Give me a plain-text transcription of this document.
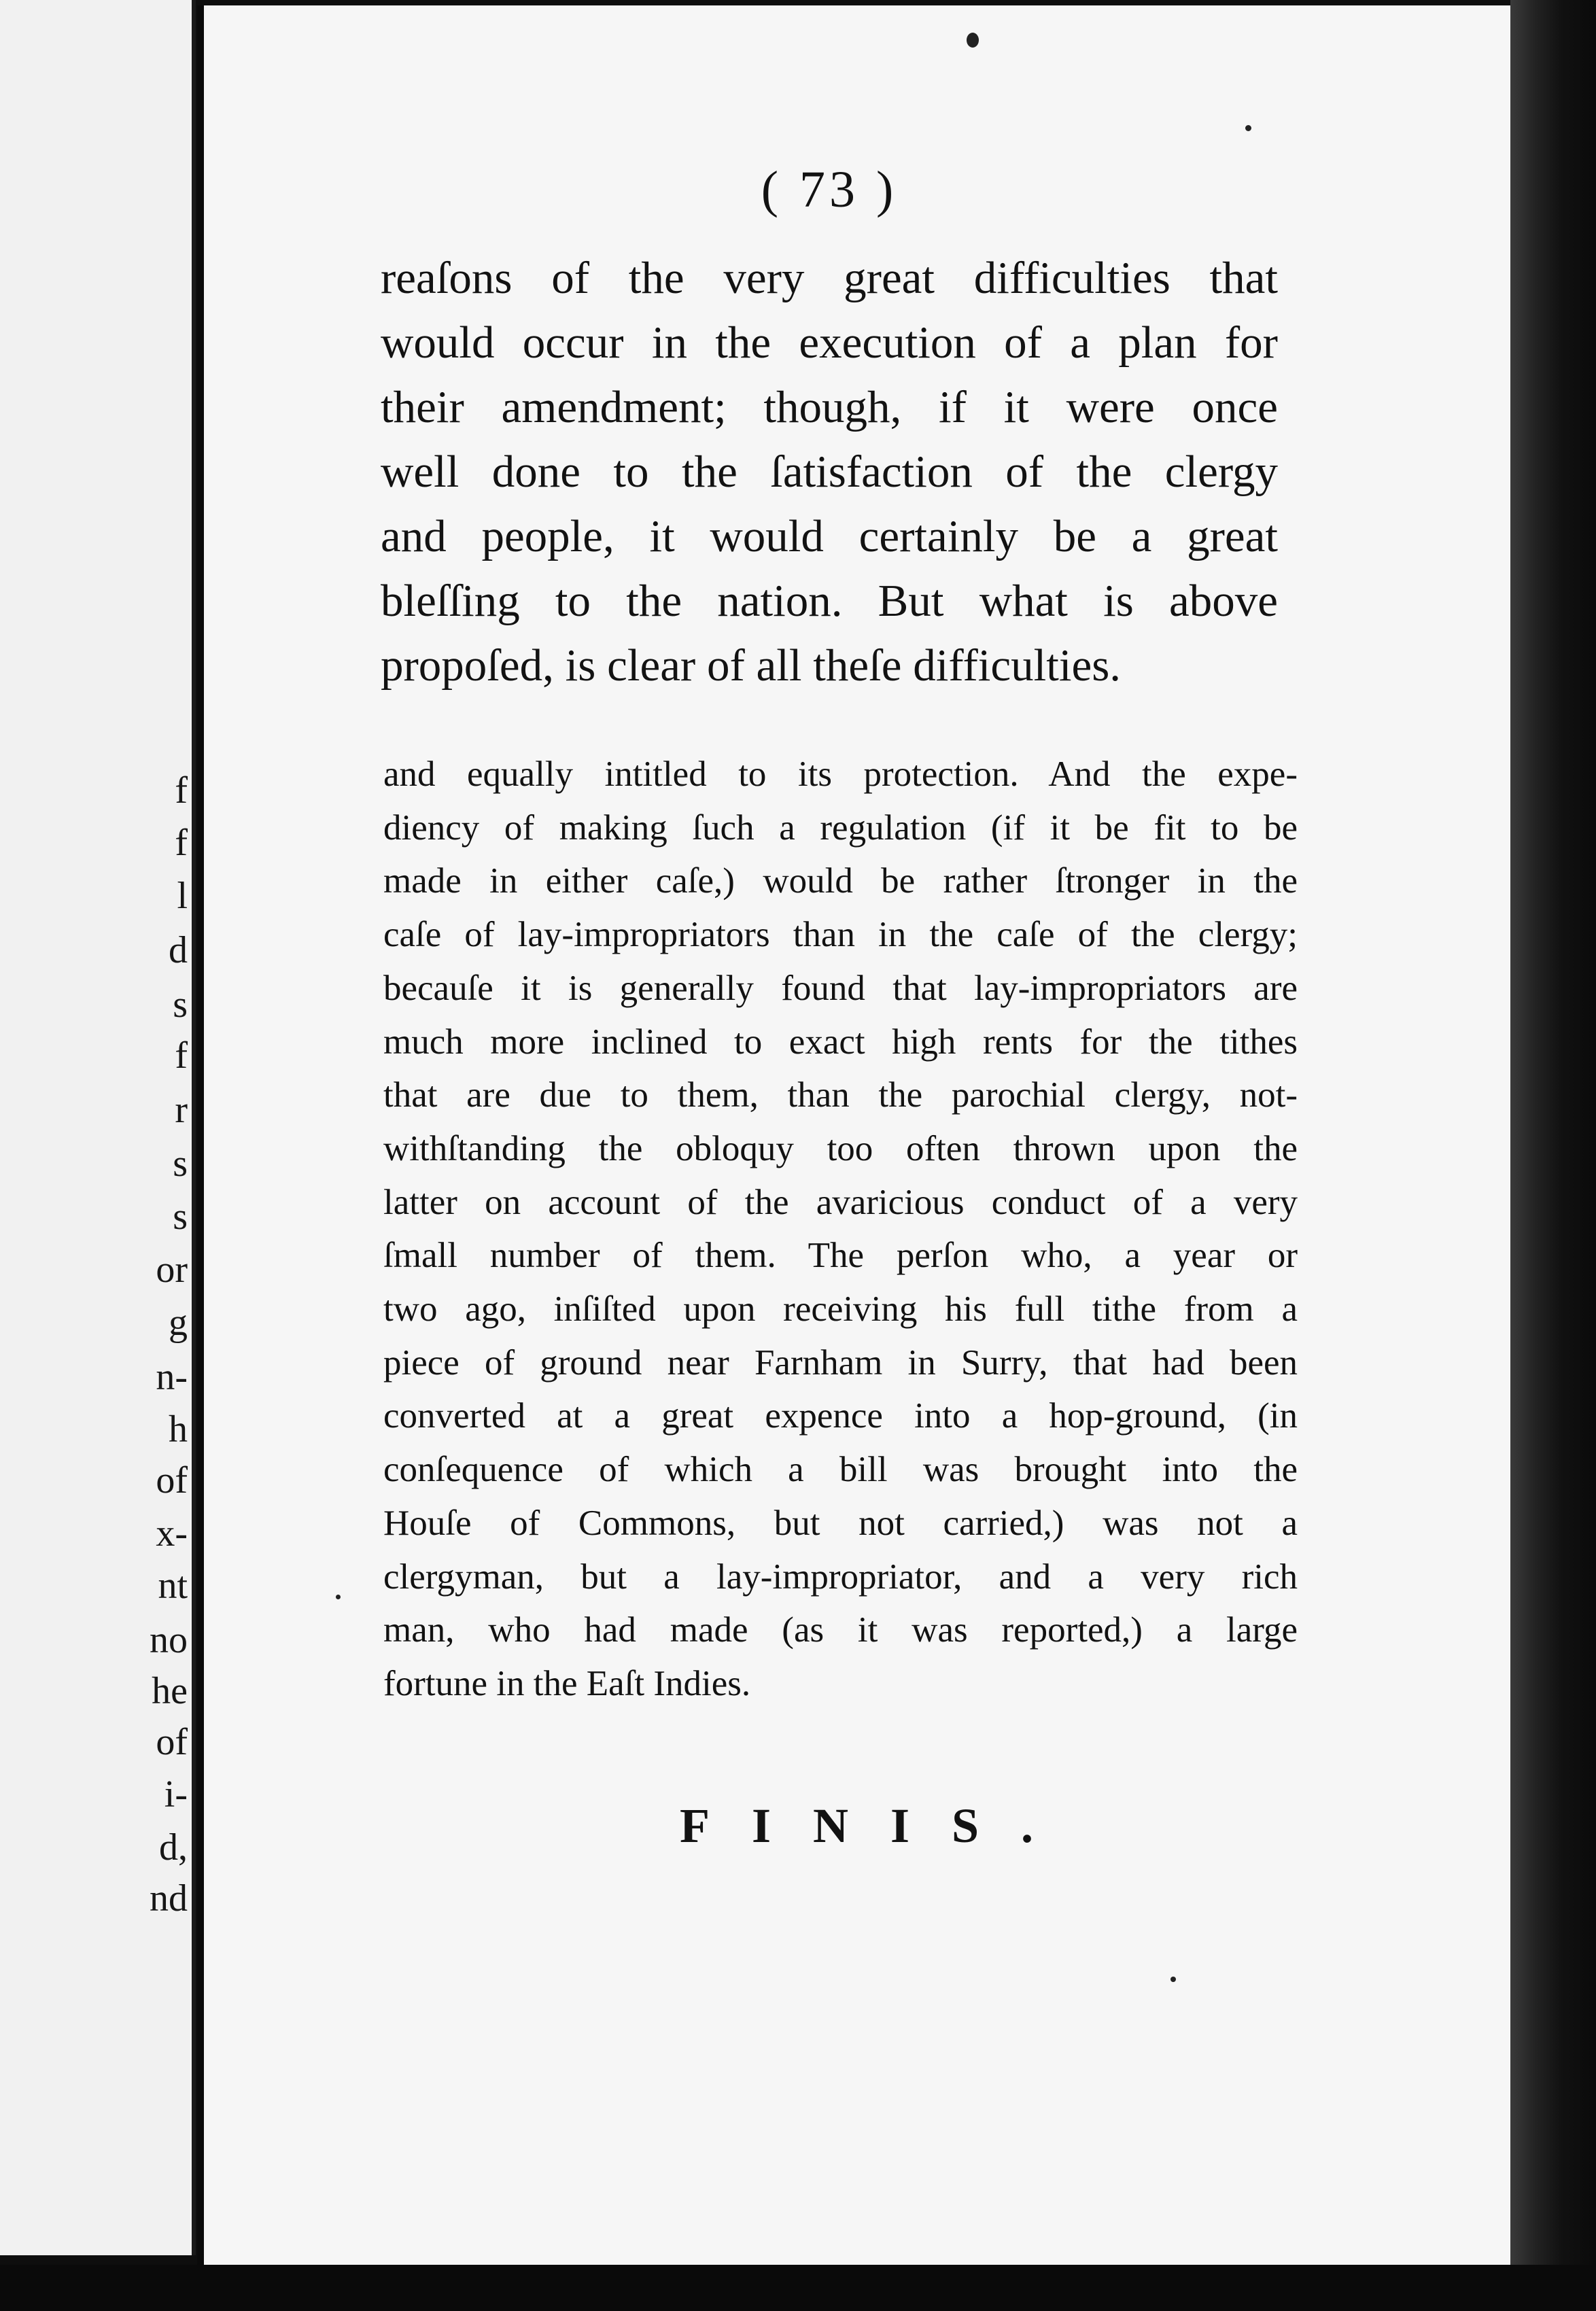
f
f
l
d
s
f
r
s
s
or
g
n-
h
of
x-
nt
no
he
of
i-
d,
nd
( 73 )
reaſons of the very great difficulties that
would occur in the execution of a plan for
their amendment; though, if it were once
well done to the ſatisfaction of the clergy
and people, it would certainly be a great
bleſſing to the nation. But what is above
propoſed, is clear of all theſe difficulties.
and equally intitled to its protection. And the expe-
diency of making ſuch a regulation (if it be fit to be
made in either caſe,) would be rather ſtronger in the
caſe of lay-impropriators than in the caſe of the clergy;
becauſe it is generally found that lay-impropriators are
much more inclined to exact high rents for the tithes
that are due to them, than the parochial clergy, not-
withſtanding the obloquy too often thrown upon the
latter on account of the avaricious conduct of a very
ſmall number of them. The perſon who, a year or
two ago, inſiſted upon receiving his full tithe from a
piece of ground near Farnham in Surry, that had been
converted at a great expence into a hop-ground, (in
conſequence of which a bill was brought into the
Houſe of Commons, but not carried,) was not a
clergyman, but a lay-impropriator, and a very rich
man, who had made (as it was reported,) a large
fortune in the Eaſt Indies.
FINIS.
